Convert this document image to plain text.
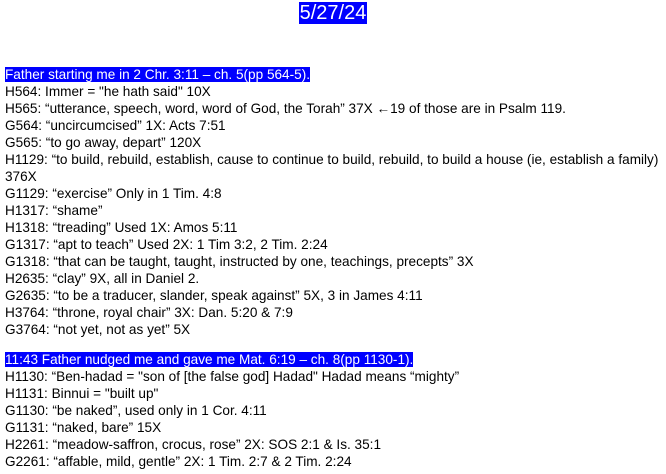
5/27/24
Father starting me in 2 Chr. 3:11 – ch. 5(pp 564-5).
H564: Immer = "he hath said" 10X
H565: “utterance, speech, word, word of God, the Torah” 37X ←19 of those are in Psalm 119.
G564: “uncircumcised” 1X: Acts 7:51
G565: “to go away, depart” 120X
H1129: “to build, rebuild, establish, cause to continue to build, rebuild, to build a house (ie, establish a family) 376X
G1129: “exercise” Only in 1 Tim. 4:8
H1317: “shame”
H1318: “treading” Used 1X: Amos 5:11
G1317: “apt to teach” Used 2X: 1 Tim 3:2, 2 Tim. 2:24
G1318: “that can be taught, taught, instructed by one, teachings, precepts” 3X
H2635: “clay” 9X, all in Daniel 2.
G2635: “to be a traducer, slander, speak against” 5X, 3 in James 4:11
H3764: “throne, royal chair” 3X: Dan. 5:20 & 7:9
G3764: “not yet, not as yet” 5X
11:43 Father nudged me and gave me Mat. 6:19 – ch. 8(pp 1130-1).
H1130: “Ben-hadad = "son of [the false god] Hadad" Hadad means “mighty”
H1131: Binnui = "built up"
G1130: “be naked”, used only in 1 Cor. 4:11
G1131: “naked, bare” 15X
H2261: “meadow-saffron, crocus, rose” 2X: SOS 2:1 & Is. 35:1
G2261: “affable, mild, gentle” 2X: 1 Tim. 2:7 & 2 Tim. 2:24
